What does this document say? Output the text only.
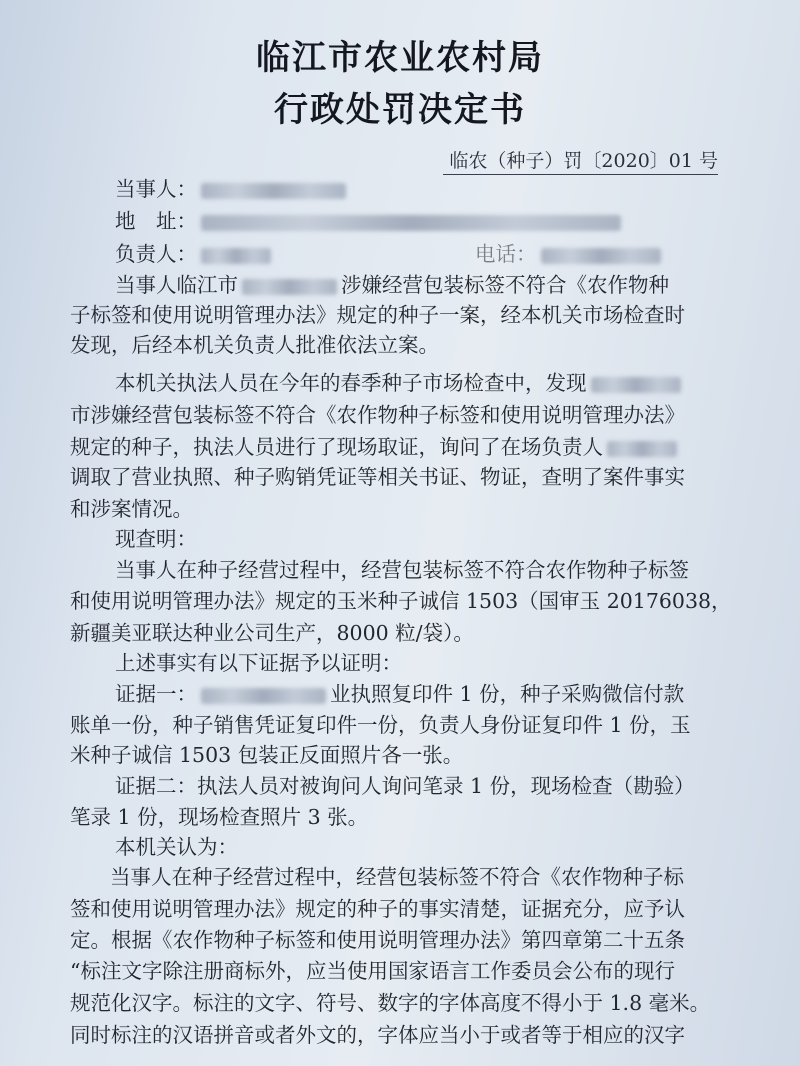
临江市农业农村局
行政处罚决定书
临农（种子）罚〔2020〕01 号
当事人：
地　址：
负责人：	电话：
当事人临江市	涉嫌经营包装标签不符合《农作物种
子标签和使用说明管理办法》规定的种子一案，经本机关市场检查时
发现，后经本机关负责人批准依法立案。
本机关执法人员在今年的春季种子市场检查中，发现
市涉嫌经营包装标签不符合《农作物种子标签和使用说明管理办法》
规定的种子，执法人员进行了现场取证，询问了在场负责人
调取了营业执照、种子购销凭证等相关书证、物证，查明了案件事实
和涉案情况。
现查明：
当事人在种子经营过程中，经营包装标签不符合农作物种子标签
和使用说明管理办法》规定的玉米种子诚信 1503（国审玉 20176038，
新疆美亚联达种业公司生产，8000 粒/袋）。
上述事实有以下证据予以证明：
证据一：	业执照复印件 1 份，种子采购微信付款
账单一份，种子销售凭证复印件一份，负责人身份证复印件 1 份，玉
米种子诚信 1503 包装正反面照片各一张。
证据二：执法人员对被询问人询问笔录 1 份，现场检查（勘验）
笔录 1 份，现场检查照片 3 张。
本机关认为：
当事人在种子经营过程中，经营包装标签不符合《农作物种子标
签和使用说明管理办法》规定的种子的事实清楚，证据充分，应予认
定。根据《农作物种子标签和使用说明管理办法》第四章第二十五条
“标注文字除注册商标外，应当使用国家语言工作委员会公布的现行
规范化汉字。标注的文字、符号、数字的字体高度不得小于 1.8 毫米。
同时标注的汉语拼音或者外文的，字体应当小于或者等于相应的汉字
